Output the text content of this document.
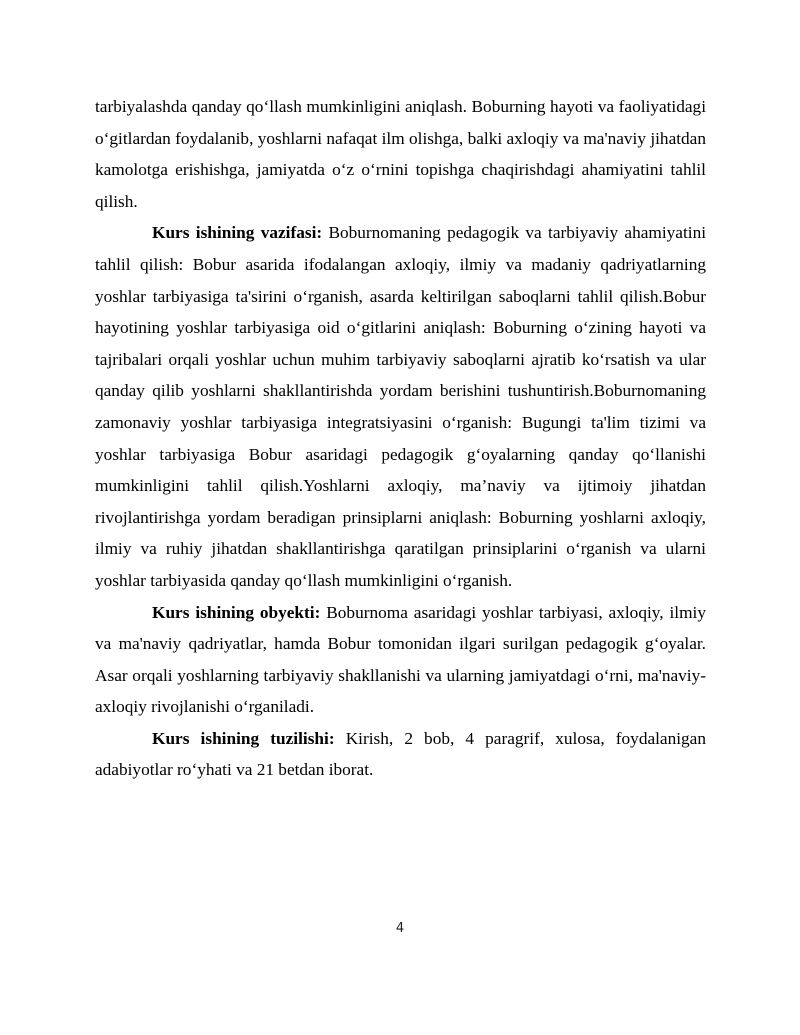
tarbiyalashda qanday qo‘llash mumkinligini aniqlash. Boburning hayoti va faoliyatidagi o‘gitlardan foydalanib, yoshlarni nafaqat ilm olishga, balki axloqiy va ma'naviy jihatdan kamolotga erishishga, jamiyatda o‘z o‘rnini topishga chaqirishdagi ahamiyatini tahlil qilish.

Kurs ishining vazifasi: Boburnomaning pedagogik va tarbiyaviy ahamiyatini tahlil qilish: Bobur asarida ifodalangan axloqiy, ilmiy va madaniy qadriyatlarning yoshlar tarbiyasiga ta'sirini o‘rganish, asarda keltirilgan saboqlarni tahlil qilish.Bobur hayotining yoshlar tarbiyasiga oid o‘gitlarini aniqlash: Boburning o‘zining hayoti va tajribalari orqali yoshlar uchun muhim tarbiyaviy saboqlarni ajratib ko‘rsatish va ular qanday qilib yoshlarni shakllantirishda yordam berishini tushuntirish.Boburnomaning zamonaviy yoshlar tarbiyasiga integratsiyasini o‘rganish: Bugungi ta'lim tizimi va yoshlar tarbiyasiga Bobur asaridagi pedagogik g‘oyalarning qanday qo‘llanishi mumkinligini tahlil qilish.Yoshlarni axloqiy, ma’naviy va ijtimoiy jihatdan rivojlantirishga yordam beradigan prinsiplarni aniqlash: Boburning yoshlarni axloqiy, ilmiy va ruhiy jihatdan shakllantirishga qaratilgan prinsiplarini o‘rganish va ularni yoshlar tarbiyasida qanday qo‘llash mumkinligini o‘rganish.

Kurs ishining obyekti: Boburnoma asaridagi yoshlar tarbiyasi, axloqiy, ilmiy va ma'naviy qadriyatlar, hamda Bobur tomonidan ilgari surilgan pedagogik g‘oyalar. Asar orqali yoshlarning tarbiyaviy shakllanishi va ularning jamiyatdagi o‘rni, ma'naviy-axloqiy rivojlanishi o‘rganiladi.

Kurs ishining tuzilishi: Kirish, 2 bob, 4 paragrif, xulosa, foydalanigan adabiyotlar ro‘yhati va 21 betdan iborat.

4
